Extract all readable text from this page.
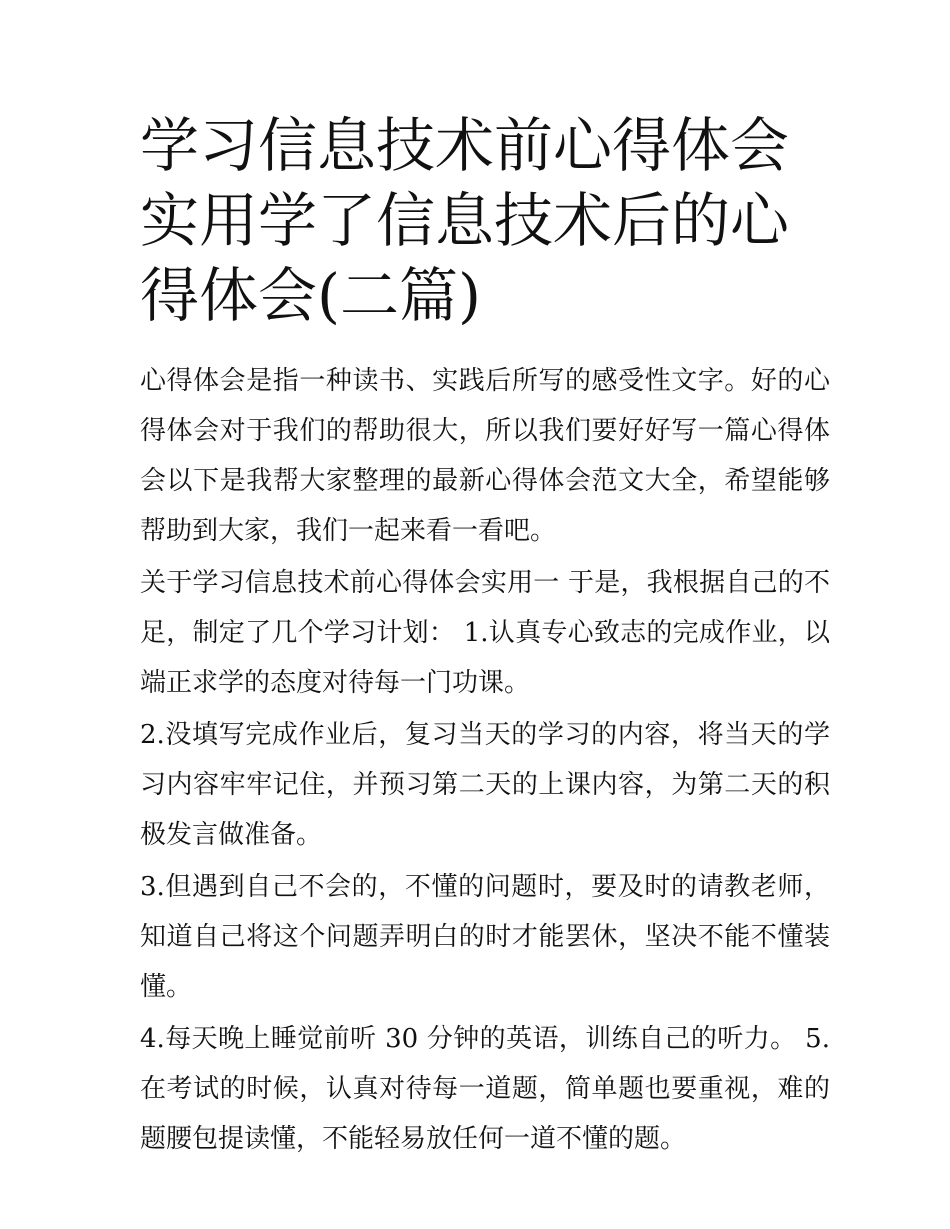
学习信息技术前心得体会实用学了信息技术后的心得体会(二篇)

心得体会是指一种读书、实践后所写的感受性文字。好的心得体会对于我们的帮助很大，所以我们要好好写一篇心得体会以下是我帮大家整理的最新心得体会范文大全，希望能够帮助到大家，我们一起来看一看吧。

关于学习信息技术前心得体会实用一 于是，我根据自己的不足，制定了几个学习计划： 1.认真专心致志的完成作业，以端正求学的态度对待每一门功课。

2.没填写完成作业后，复习当天的学习的内容，将当天的学习内容牢牢记住，并预习第二天的上课内容，为第二天的积极发言做准备。

3.但遇到自己不会的，不懂的问题时，要及时的请教老师，知道自己将这个问题弄明白的时才能罢休，坚决不能不懂装懂。

4.每天晚上睡觉前听 30 分钟的英语，训练自己的听力。 5.在考试的时候，认真对待每一道题，简单题也要重视，难的题腰包提读懂，不能轻易放任何一道不懂的题。
